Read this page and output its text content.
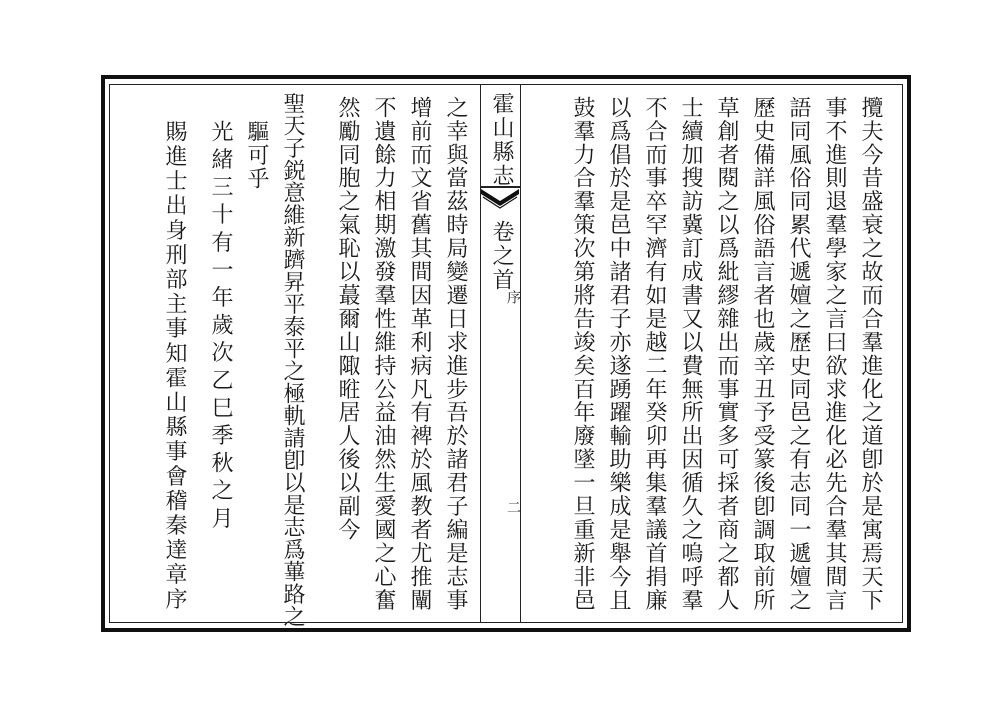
霍山縣志
卷之首
序
二	攬夫今昔盛衰之故而合羣進化之道卽於是寓焉天下
事不進則退羣學家之言曰欲求進化必先合羣其間言
語同風俗同累代遞嬗之歷史同邑之有志同一遞嬗之
歷史備詳風俗語言者也歲辛丑予受篆後卽調取前所
草創者閱之以爲紕繆雜出而事實多可採者商之都人
士續加搜訪冀訂成書又以費無所出因循久之嗚呼羣
不合而事卒罕濟有如是越二年癸卯再集羣議首捐廉
以爲倡於是邑中諸君子亦遂踴躍輸助樂成是舉今且
鼓羣力合羣策次第將告竣矣百年廢墜一旦重新非邑
之幸與當茲時局變遷日求進步吾於諸君子編是志事
增前而文省舊其間因革利病凡有裨於風教者尤推闡
不遺餘力相期激發羣性維持公益油然生愛國之心奮
然勵同胞之氣恥以蕞爾山陬暀居人後以副今
聖天子鋭意維新躋昇平泰平之極軌請卽以是志爲蓽路之
驅可乎
光緒三十有一年歲次乙巳季秋之月
賜進士出身刑部主事知霍山縣事會稽秦達章序
